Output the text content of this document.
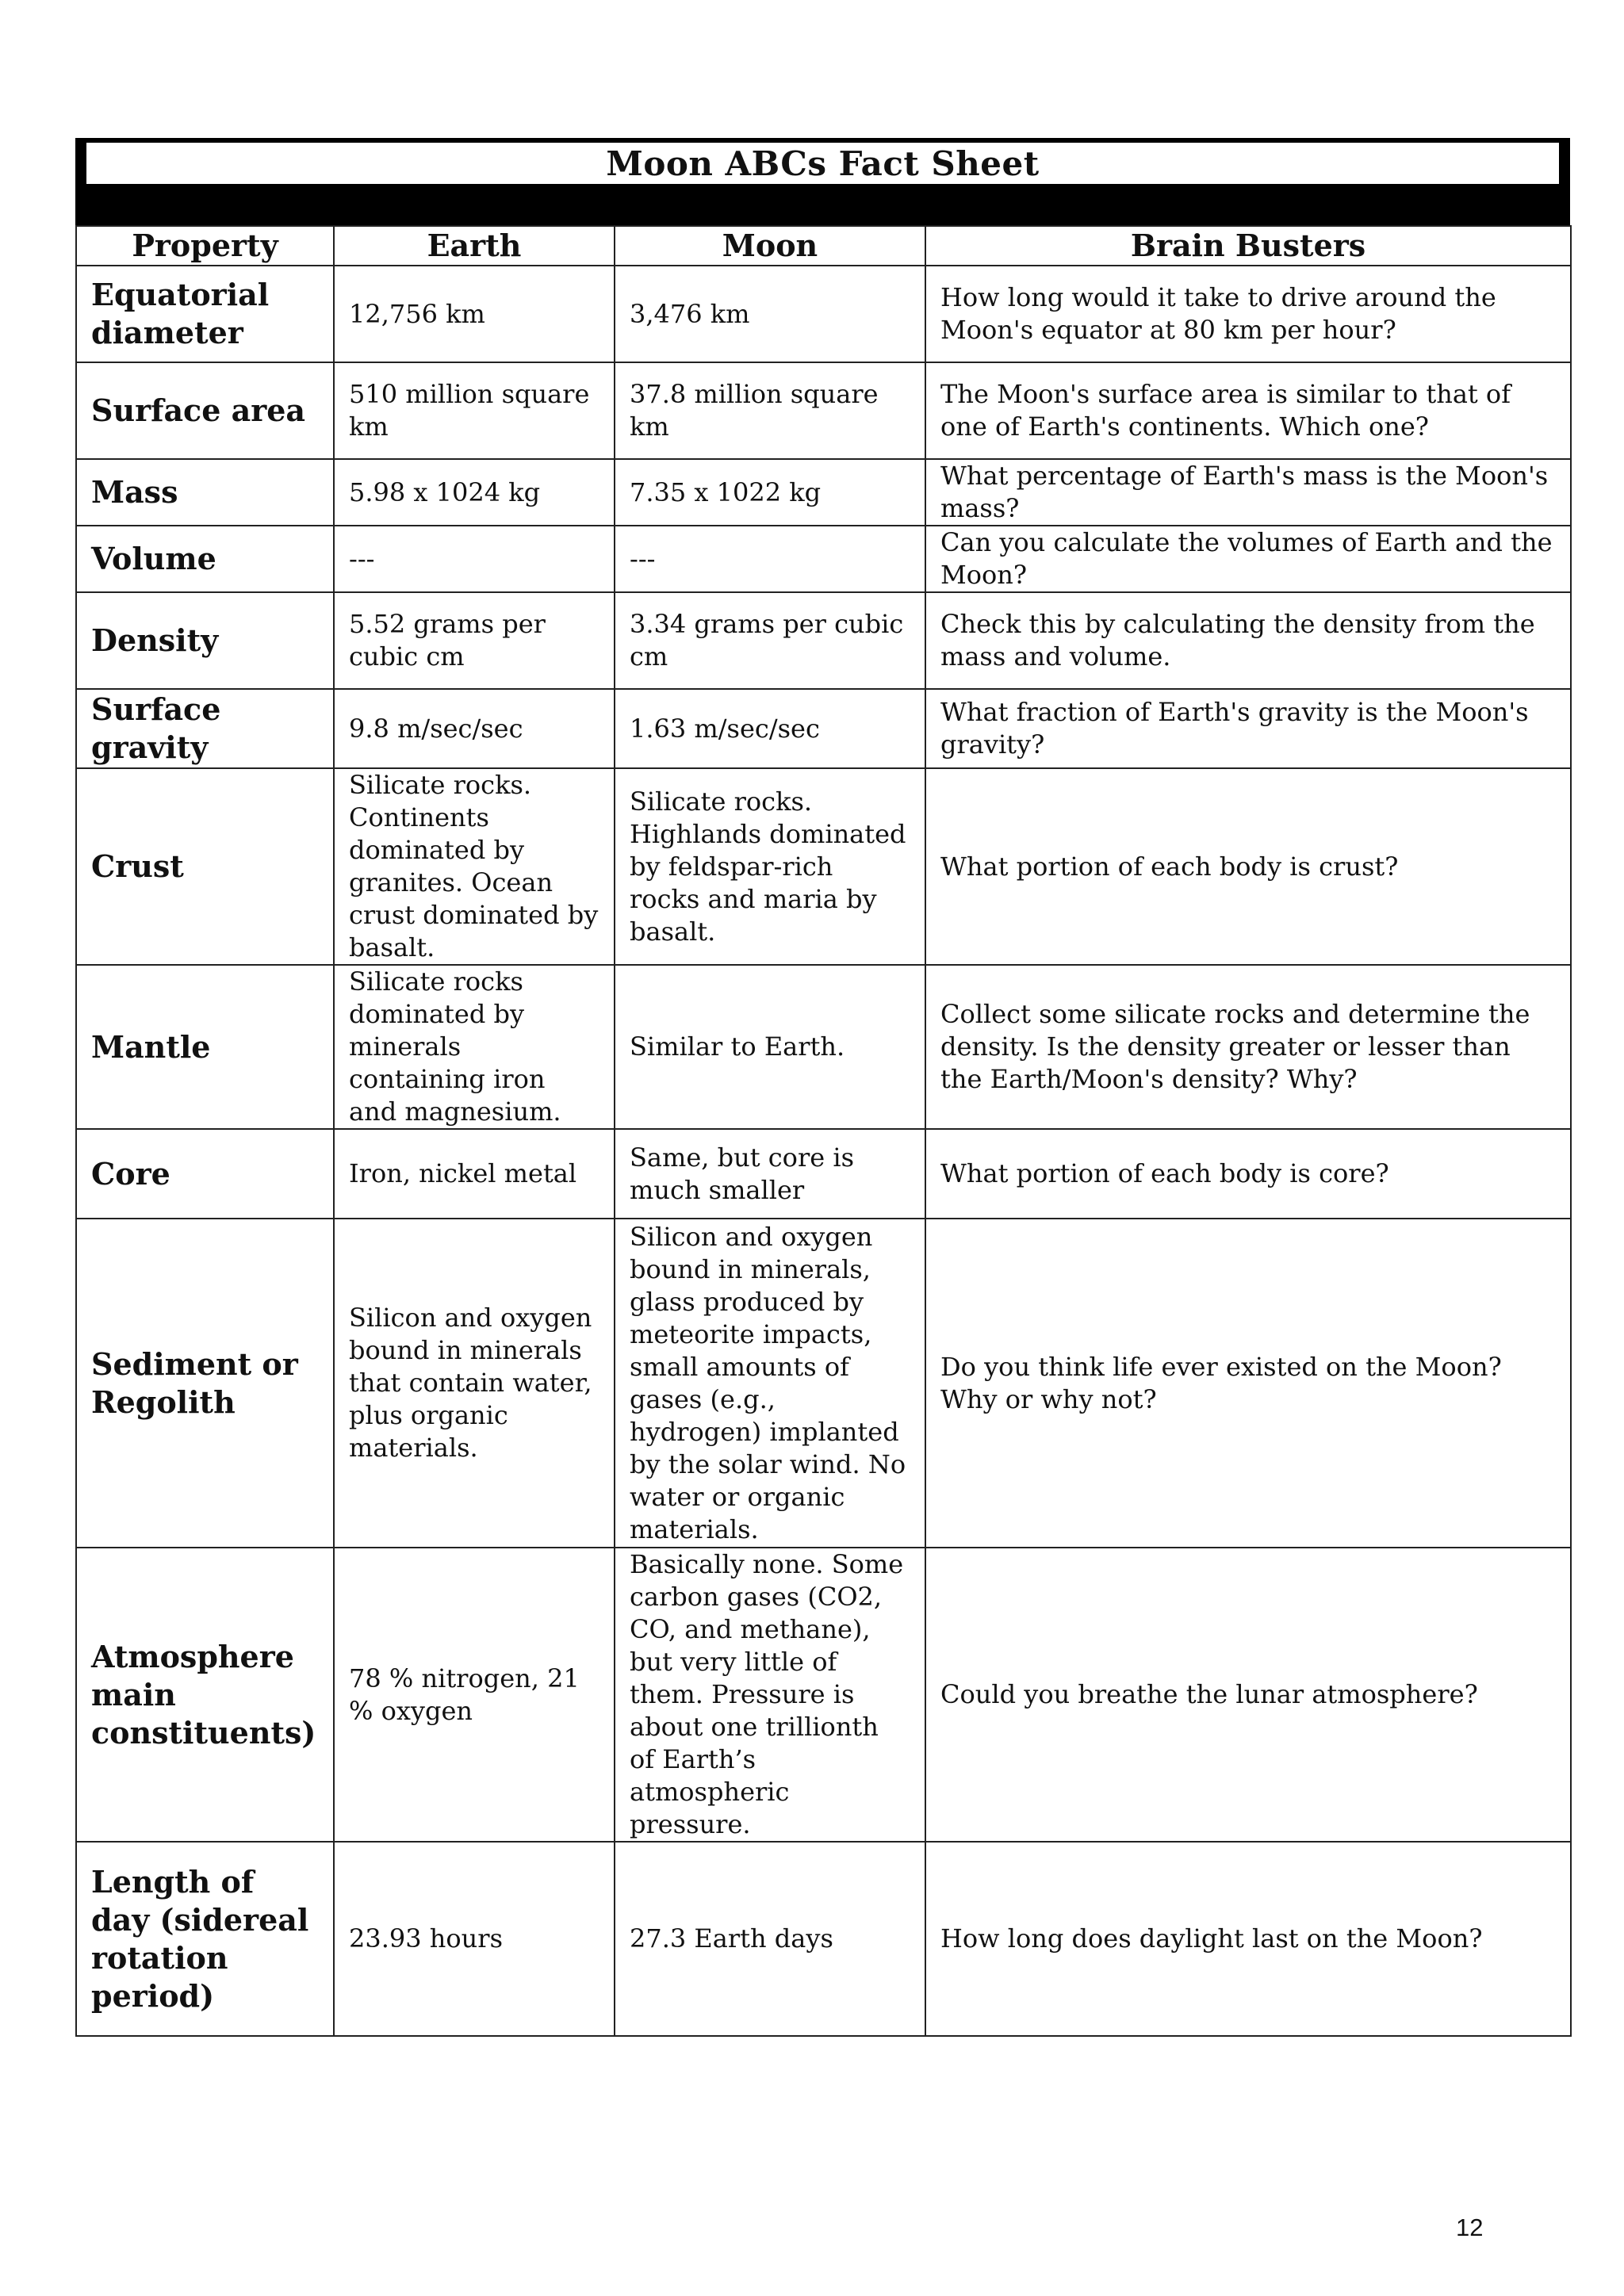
Moon ABCs Fact Sheet
Property	Earth	Moon	Brain Busters
Equatorial diameter	12,756 km	3,476 km	How long would it take to drive around the Moon's equator at 80 km per hour?
Surface area	510 million square km	37.8 million square km	The Moon's surface area is similar to that of one of Earth's continents. Which one?
Mass	5.98 x 1024 kg	7.35 x 1022 kg	What percentage of Earth's mass is the Moon's mass?
Volume	---	---	Can you calculate the volumes of Earth and the Moon?
Density	5.52 grams per cubic cm	3.34 grams per cubic cm	Check this by calculating the density from the mass and volume.
Surface gravity	9.8 m/sec/sec	1.63 m/sec/sec	What fraction of Earth's gravity is the Moon's gravity?
Crust	Silicate rocks. Continents dominated by granites. Ocean crust dominated by basalt.	Silicate rocks. Highlands dominated by feldspar-rich rocks and maria by basalt.	What portion of each body is crust?
Mantle	Silicate rocks dominated by minerals containing iron and magnesium.	Similar to Earth.	Collect some silicate rocks and determine the density. Is the density greater or lesser than the Earth/Moon's density? Why?
Core	Iron, nickel metal	Same, but core is much smaller	What portion of each body is core?
Sediment or Regolith	Silicon and oxygen bound in minerals that contain water, plus organic materials.	Silicon and oxygen bound in minerals, glass produced by meteorite impacts, small amounts of gases (e.g., hydrogen) implanted by the solar wind. No water or organic materials.	Do you think life ever existed on the Moon? Why or why not?
Atmosphere main constituents)	78 % nitrogen, 21 % oxygen	Basically none. Some carbon gases (CO2, CO, and methane), but very little of them. Pressure is about one trillionth of Earth’s atmospheric pressure.	Could you breathe the lunar atmosphere?
Length of day (sidereal rotation period)	23.93 hours	27.3 Earth days	How long does daylight last on the Moon?
12
